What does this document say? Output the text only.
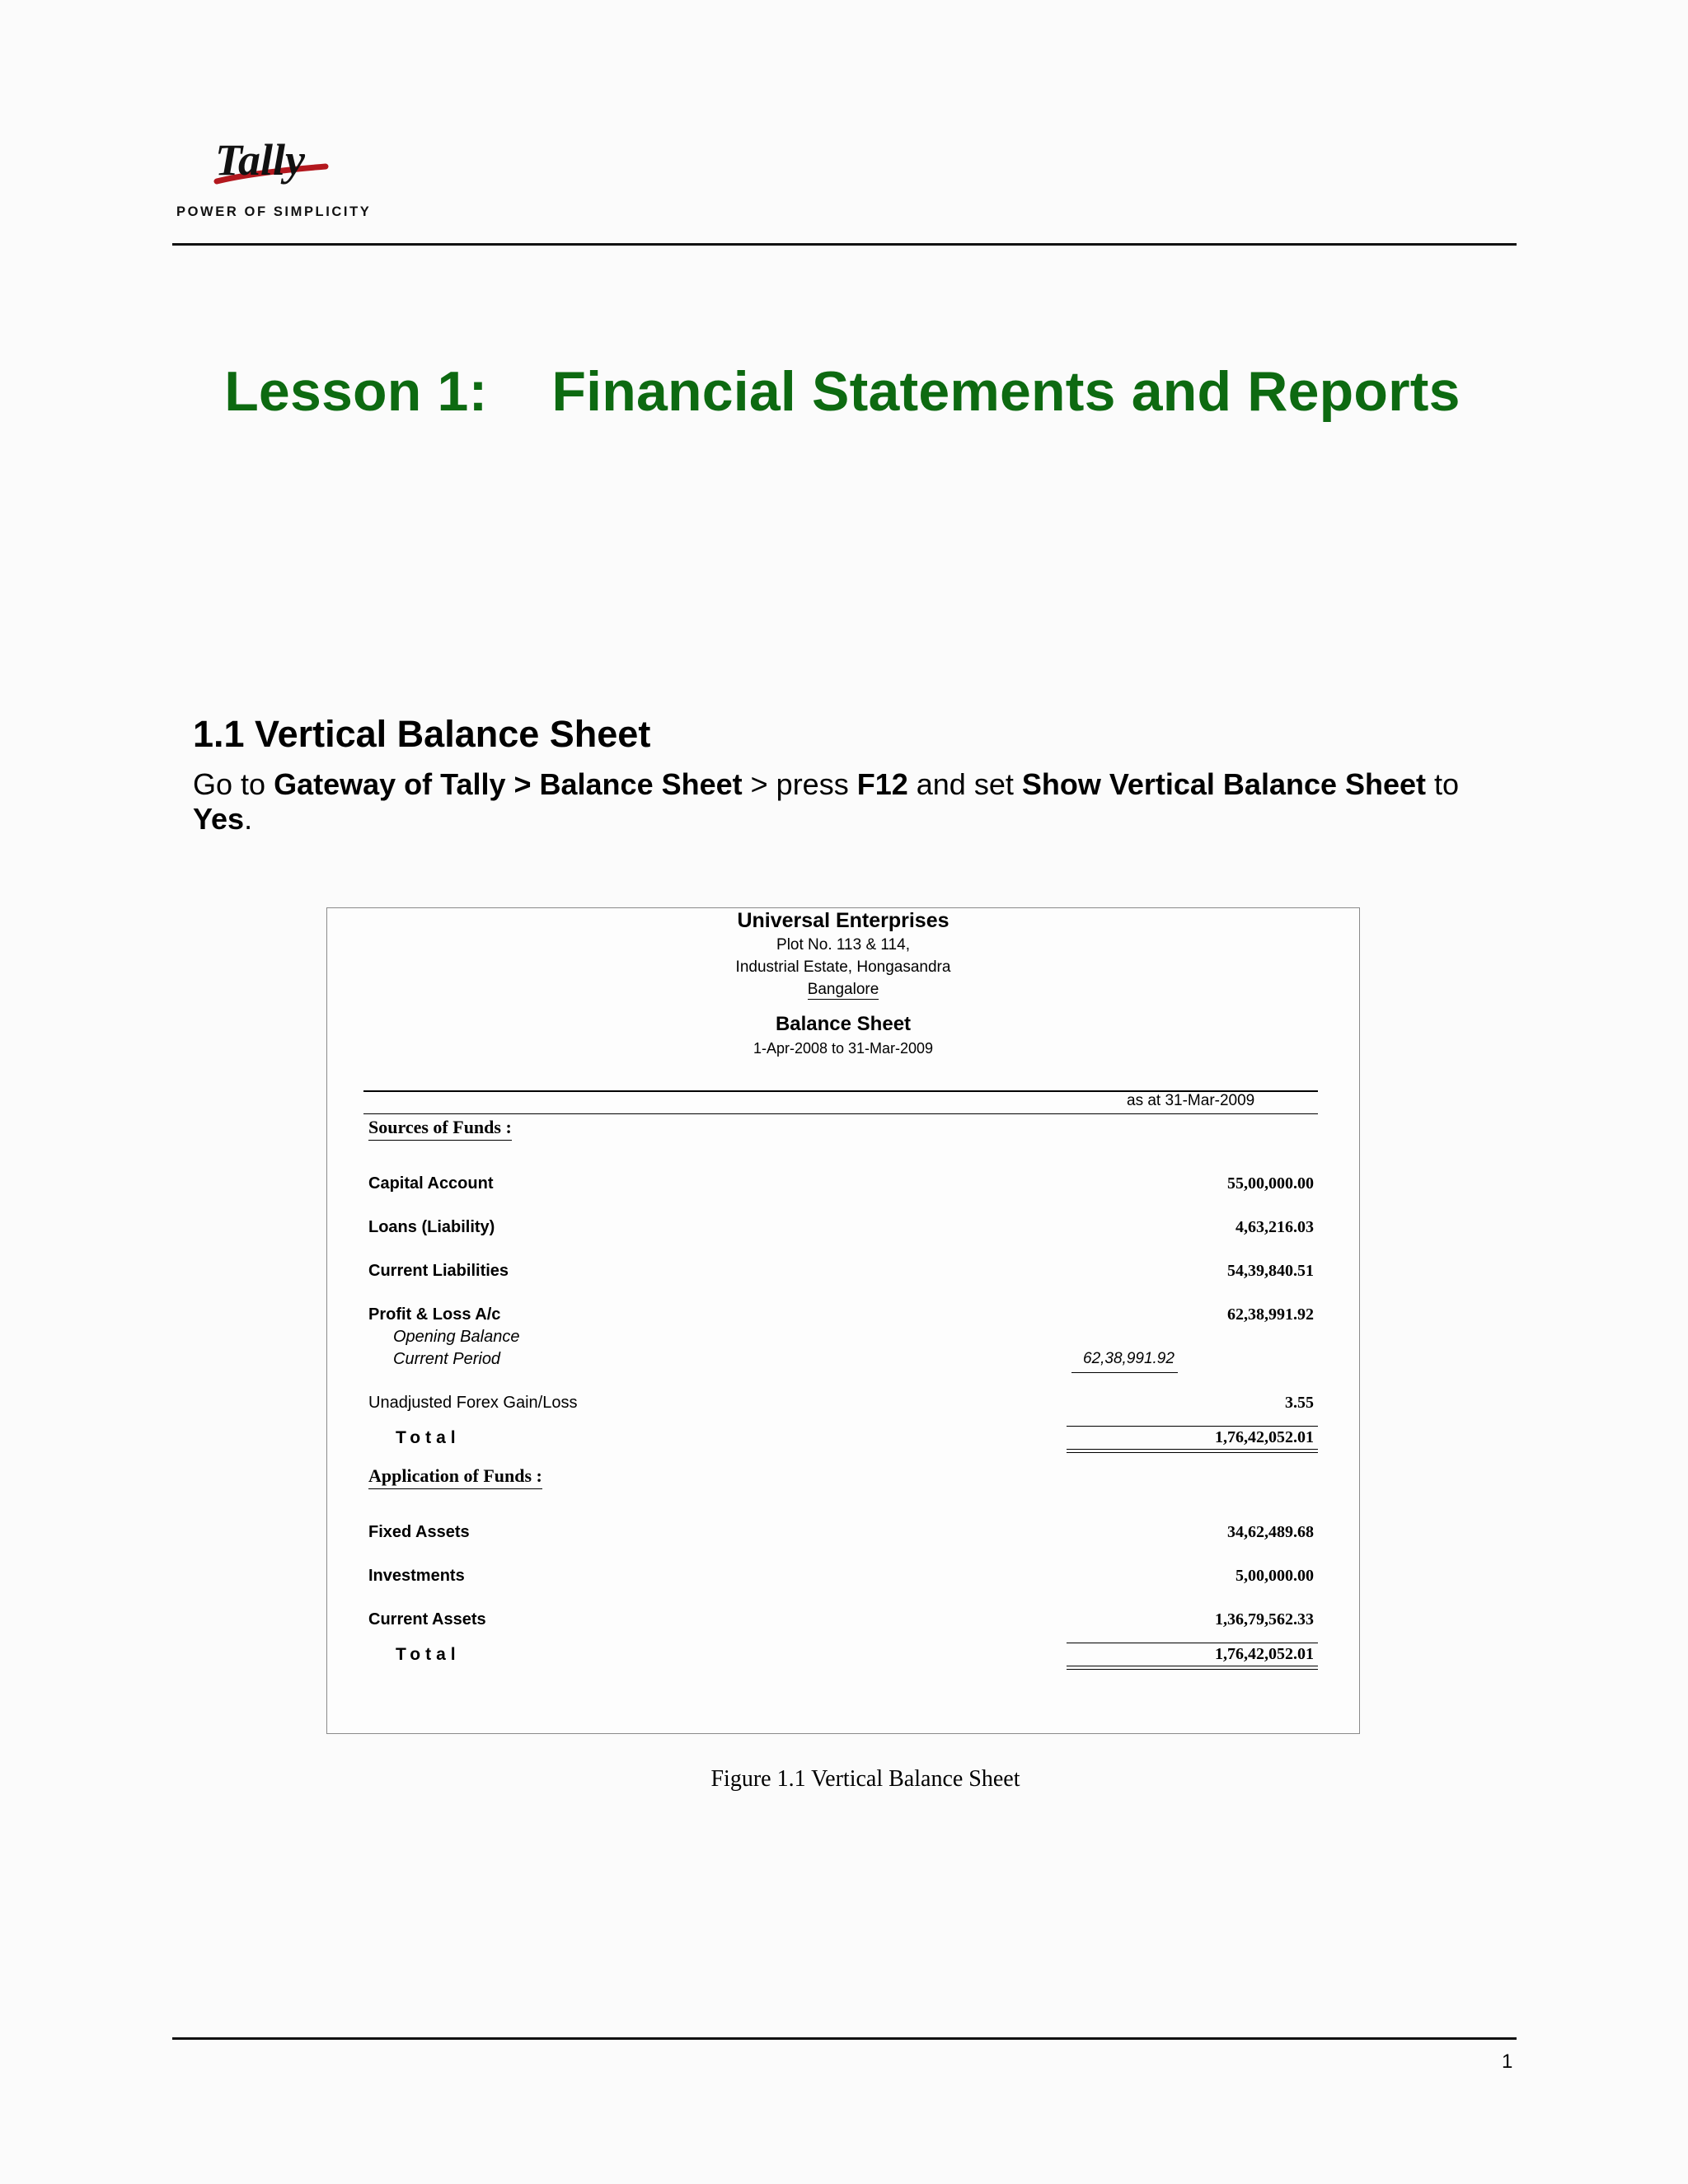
Tally
POWER OF SIMPLICITY

Lesson 1: Financial Statements and Reports

1.1 Vertical Balance Sheet
Go to Gateway of Tally > Balance Sheet > press F12 and set Show Vertical Balance Sheet to
Yes.
Universal Enterprises
Plot No. 113 & 114,
Industrial Estate, Hongasandra
Bangalore
Balance Sheet
1-Apr-2008 to 31-Mar-2009
as at 31-Mar-2009
Sources of Funds :
Capital Account	55,00,000.00
Loans (Liability)	4,63,216.03
Current Liabilities	54,39,840.51
Profit & Loss A/c	62,38,991.92
Opening Balance
Current Period	62,38,991.92
Unadjusted Forex Gain/Loss	3.55
Total	1,76,42,052.01
Application of Funds :
Fixed Assets	34,62,489.68
Investments	5,00,000.00
Current Assets	1,36,79,562.33
Total	1,76,42,052.01
Figure 1.1 Vertical Balance Sheet
1
